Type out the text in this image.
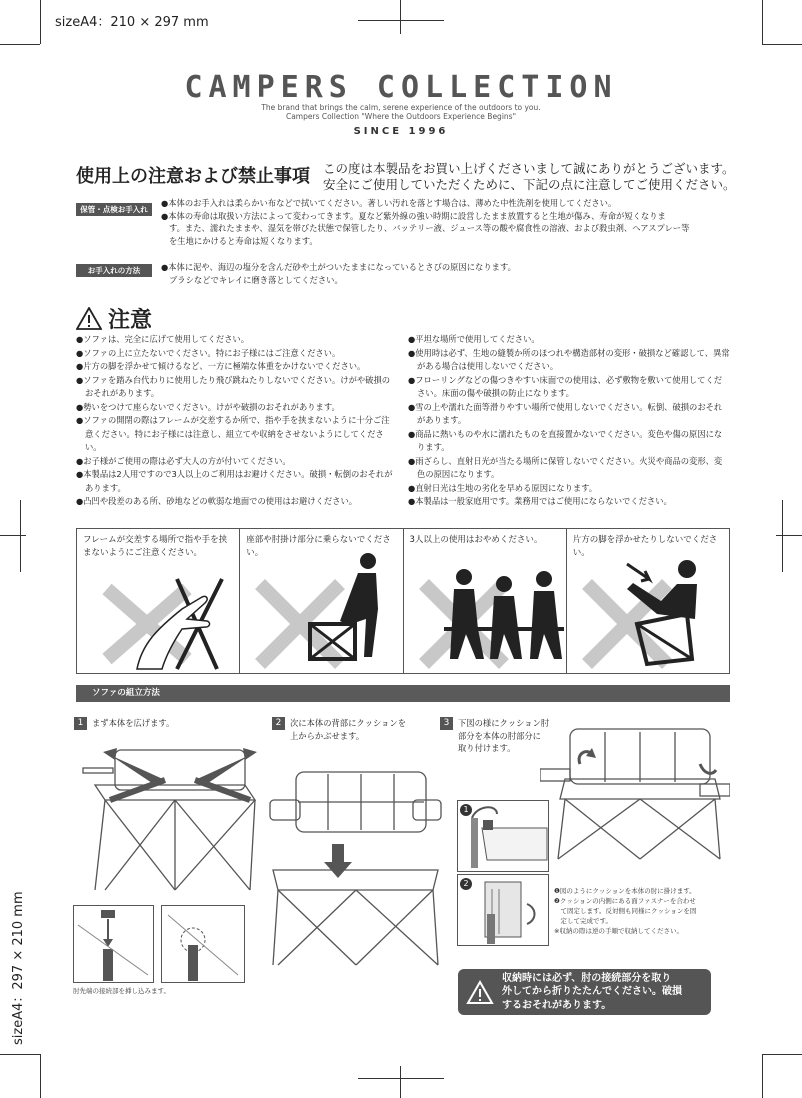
sizeA4：210 × 297 mm
sizeA4：297 × 210 mm
CAMPERS COLLECTION
The brand that brings the calm, serene experience of the outdoors to you.
Campers Collection "Where the Outdoors Experience Begins"
SINCE 1996
使用上の注意および禁止事項 この度は本製品をお買い上げくださいまして誠にありがとうございます。
安全にご使用していただくために、下記の点に注意してご使用ください。
保管・点検お手入れ
●本体のお手入れは柔らかい布などで拭いてください。著しい汚れを落とす場合は、薄めた中性洗剤を使用してください。
●本体の寿命は取扱い方法によって変わってきます。夏など紫外線の強い時期に設営したまま放置すると生地が傷み、寿命が短くなりま
す。また、濡れたままや、湿気を帯びた状態で保管したり、バッテリー液、ジュース等の酸や腐食性の溶液、および殺虫剤、ヘアスプレー等
を生地にかけると寿命は短くなります。
お手入れの方法	●本体に泥や、海辺の塩分を含んだ砂や土がついたままになっているとさびの原因になります。
ブラシなどでキレイに磨き落としてください。
注意
●ソファは、完全に広げて使用してください。
●ソファの上に立たないでください。特にお子様にはご注意ください。
●片方の脚を浮かせて傾けるなど、一方に極端な体重をかけないでください。
●ソファを踏み台代わりに使用したり飛び跳ねたりしないでください。けがや破損のおそれがあります。
●勢いをつけて座らないでください。けがや破損のおそれがあります。
●ソファの開閉の際はフレームが交差するか所で、指や手を挟まないように十分ご注意ください。特にお子様には注意し、組立てや収納をさせないようにしてください。
●お子様がご使用の際は必ず大人の方が付いてください。
●本製品は2人用ですので3人以上のご利用はお避けください。破損・転倒のおそれがあります。
●凸凹や段差のある所、砂地などの軟弱な地面での使用はお避けください。
●平坦な場所で使用してください。
●使用時は必ず、生地の縫製か所のほつれや構造部材の変形・破損など確認して、異常がある場合は使用しないでください。
●フローリングなどの傷つきやすい床面での使用は、必ず敷物を敷いて使用してください。床面の傷や破損の防止になります。
●雪の上や濡れた面等滑りやすい場所で使用しないでください。転倒、破損のおそれがあります。
●商品に熱いものや水に濡れたものを直接置かないでください。変色や傷の原因になります。
●雨ざらし、直射日光が当たる場所に保管しないでください。火災や商品の変形、変色の原因になります。
●直射日光は生地の劣化を早める原因になります。
●本製品は一般家庭用です。業務用ではご使用にならないでください。
フレームが交差する場所で指や手を挟まないようにご注意ください。
座部や肘掛け部分に乗らないでください。
3人以上の使用はおやめください。	片方の脚を浮かせたりしないでください。
ソファの組立方法
1	まず本体を広げます。	2	次に本体の背部にクッションを
上からかぶせます。
3	下図の様にクッション肘
部分を本体の肘部分に
取り付けます。
肘先端の接続部を挿し込みます。
1
2
❶図のようにクッションを本体の肘に掛けます。
❷クッションの内側にある面ファスナーを合わせ
　て固定します。反対側も同様にクッションを固
　定して完成です。
※収納の際は逆の手順で収納してください。
収納時には必ず、肘の接続部分を取り
外してから折りたたんでください。破損
するおそれがあります。
